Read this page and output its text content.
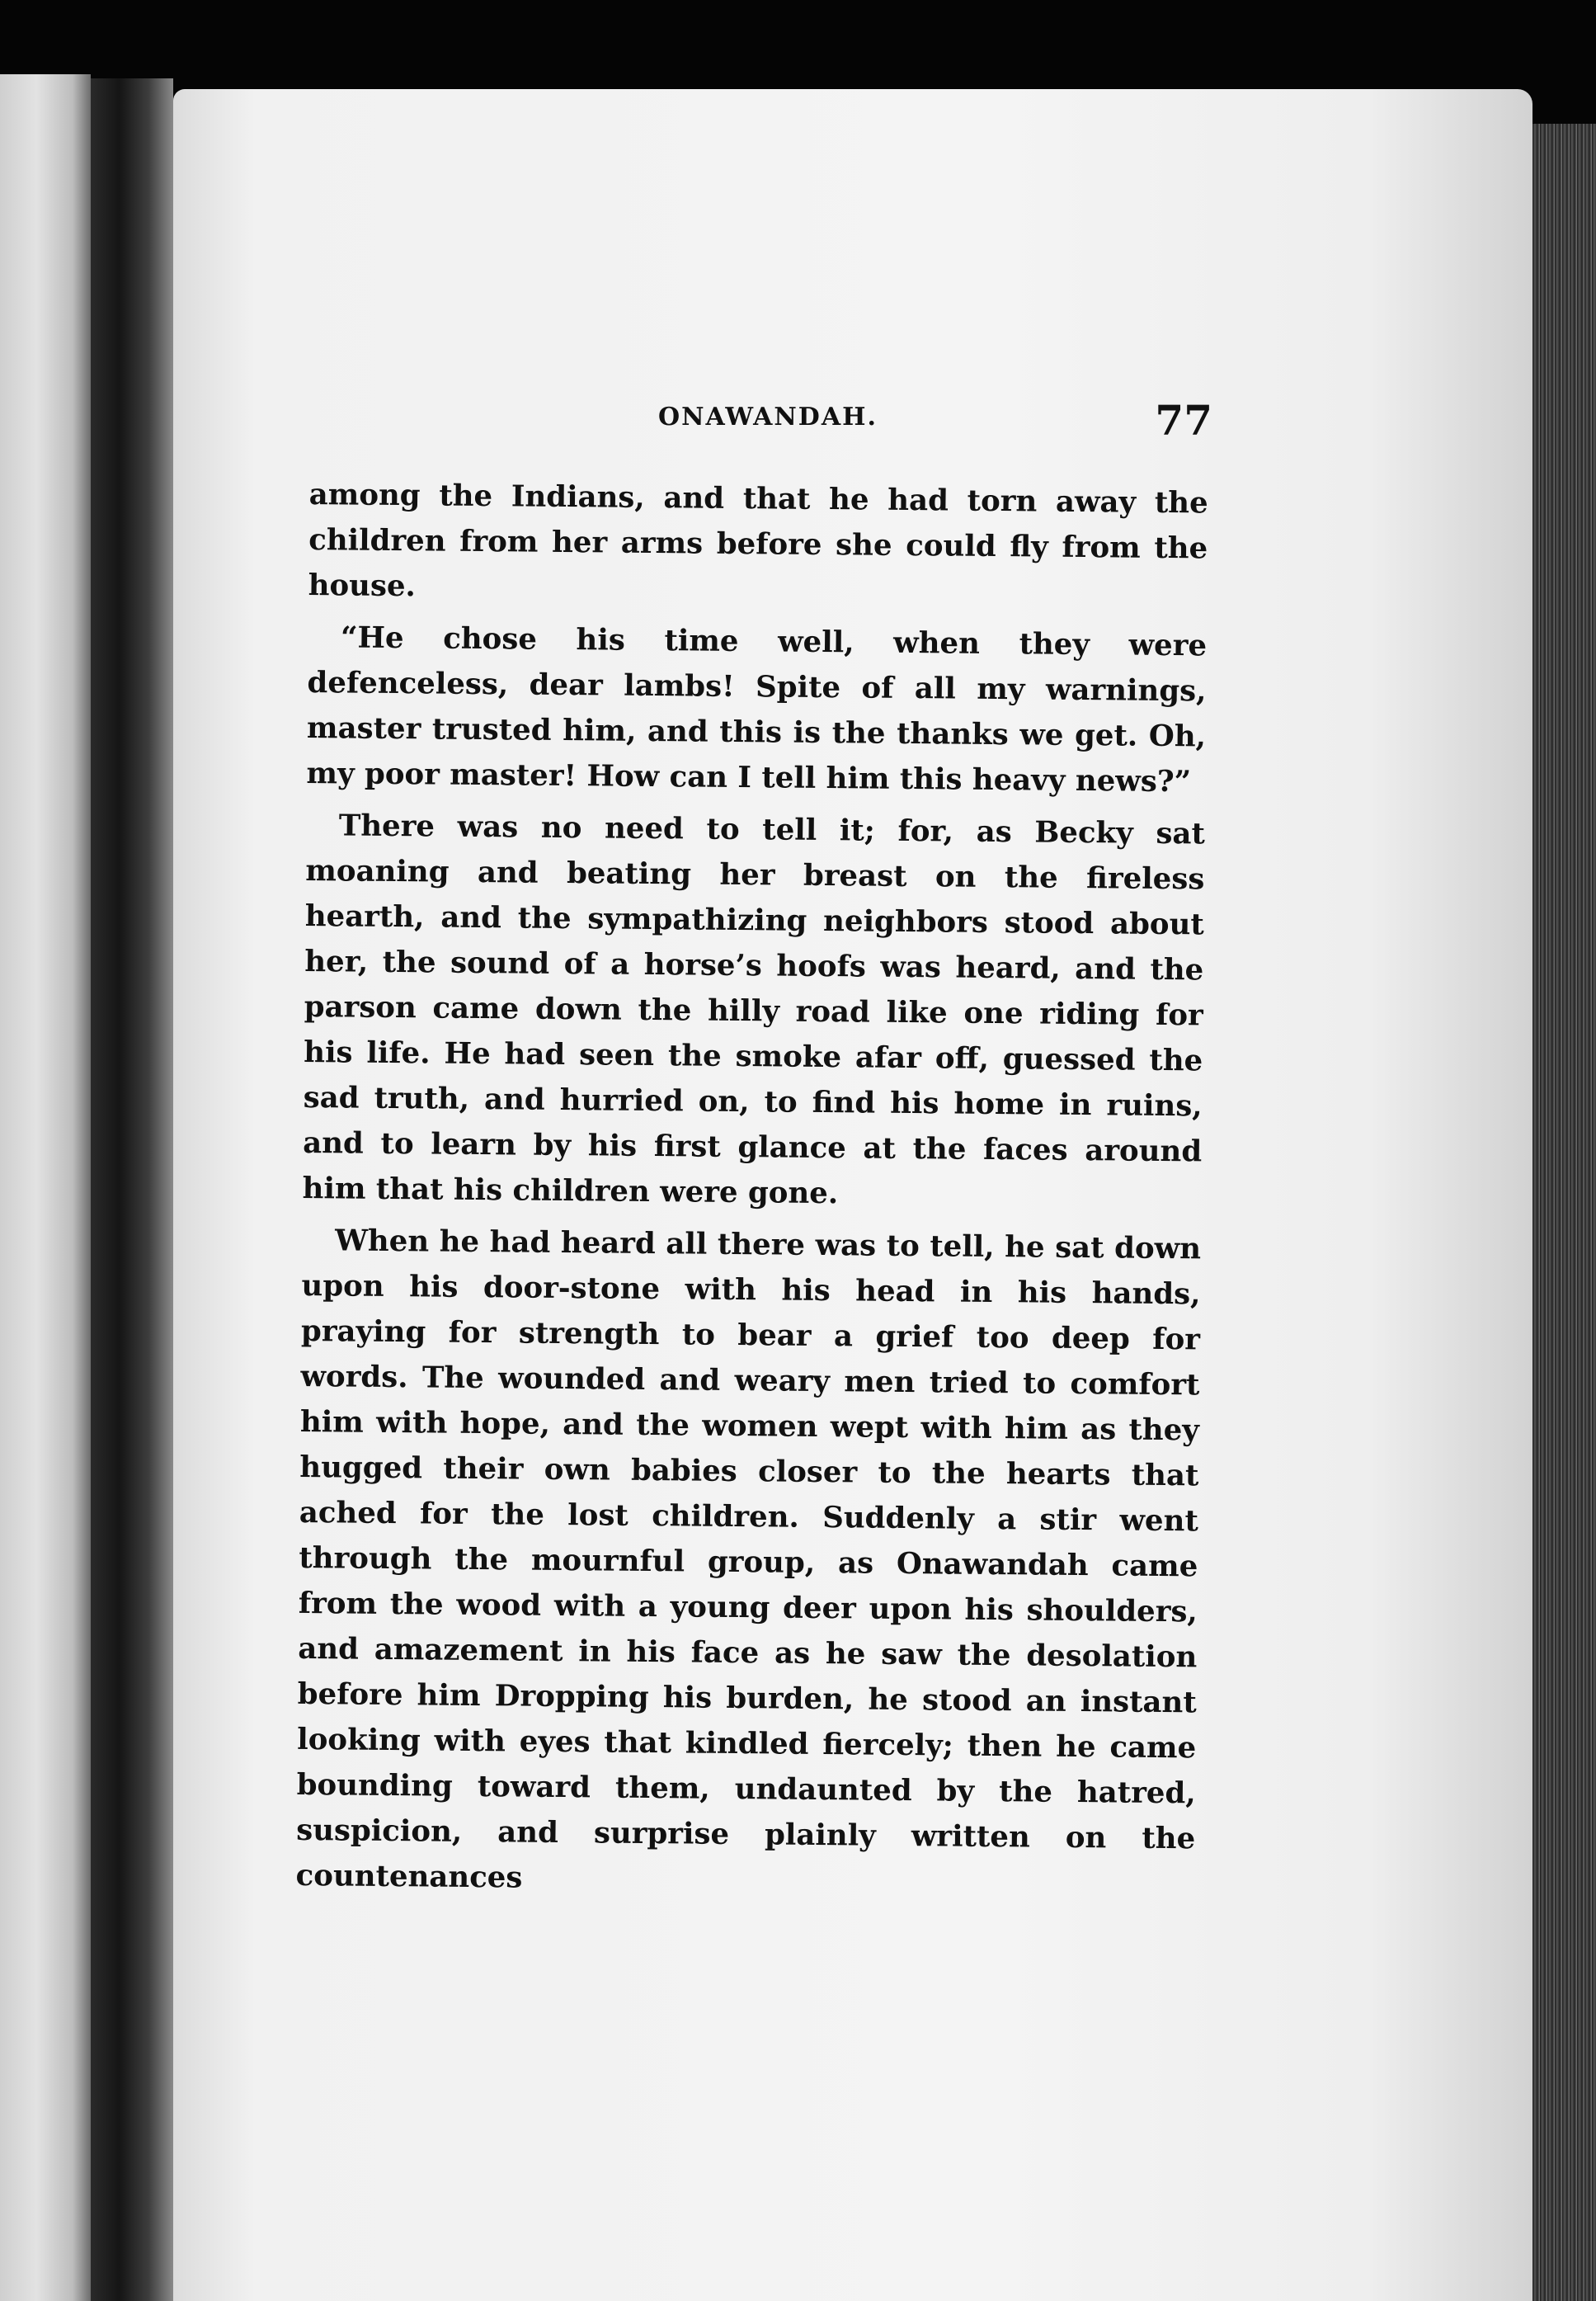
ONAWANDAH.	77

among the Indians, and that he had torn away the children from her arms before she could fly from the house.

“He chose his time well, when they were defenceless, dear lambs! Spite of all my warnings, master trusted him, and this is the thanks we get. Oh, my poor master! How can I tell him this heavy news?”

There was no need to tell it; for, as Becky sat moaning and beating her breast on the fireless hearth, and the sympathizing neighbors stood about her, the sound of a horse’s hoofs was heard, and the parson came down the hilly road like one riding for his life. He had seen the smoke afar off, guessed the sad truth, and hurried on, to find his home in ruins, and to learn by his first glance at the faces around him that his children were gone.

When he had heard all there was to tell, he sat down upon his door-stone with his head in his hands, praying for strength to bear a grief too deep for words. The wounded and weary men tried to comfort him with hope, and the women wept with him as they hugged their own babies closer to the hearts that ached for the lost children. Suddenly a stir went through the mournful group, as Onawandah came from the wood with a young deer upon his shoulders, and amazement in his face as he saw the desolation before him Dropping his burden, he stood an instant looking with eyes that kindled fiercely; then he came bounding toward them, undaunted by the hatred, suspicion, and surprise plainly written on the countenances
